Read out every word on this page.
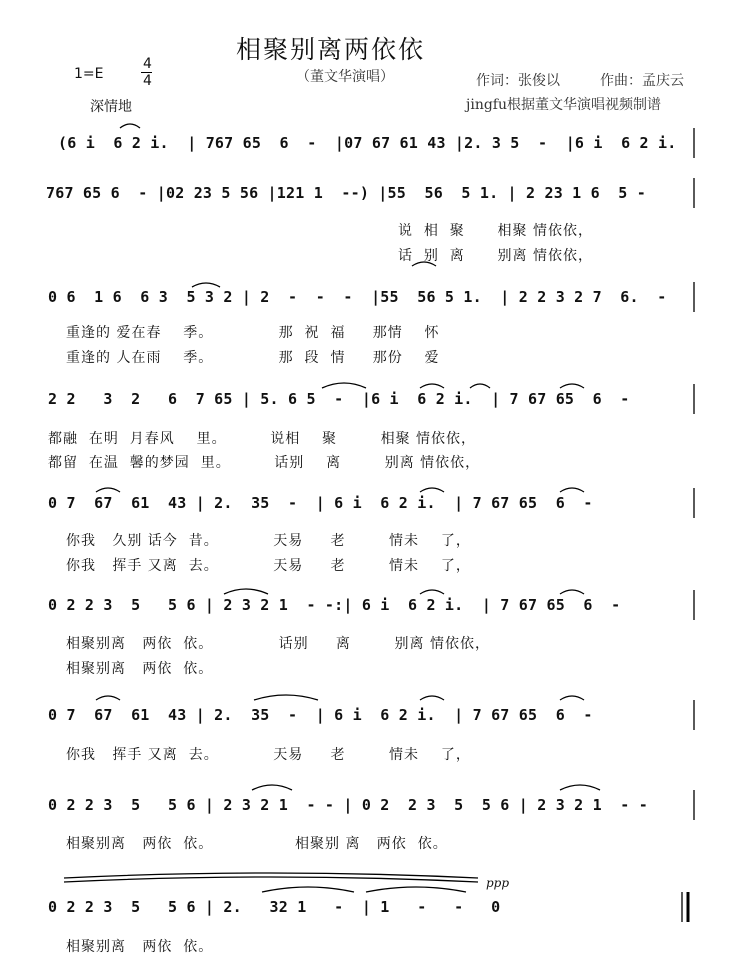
相聚别离两依依
（董文华演唱）
1=E
4
4
深情地
作词：张俊以	作曲：孟庆云
jingfu根据董文华演唱视频制谱
(6 i  6 2 i.  | 767 65  6  -  |07 67 61 43 |2. 3 5  -  |6 i  6 2 i.
767 65 6  - |02 23 5 56 |121 1  --) |55  56  5 1. | 2 23 1 6  5 -
说  相  聚      相聚 情依依，
话  别  离      别离 情依依，
0 6  1 6  6 3  5 3 2 | 2  -  -  -  |55  56 5 1.  | 2 2 3 2 7  6.  -
重逢的 爱在春    季。            那  祝  福     那情    怀
重逢的 人在雨    季。            那  段  情     那份    爱
2 2   3  2   6  7 65 | 5. 6 5  -  |6 i  6 2 i.  | 7 67 65  6  -
都融  在明  月春风    里。        说相    聚        相聚 情依依，
都留  在温  馨的梦园  里。        话别    离        别离 情依依，
0 7  67  61  43 | 2.  35  -  | 6 i  6 2 i.  | 7 67 65  6  -
你我   久别 话今  昔。          天易     老        情未    了，
你我   挥手 又离  去。          天易     老        情未    了，
0 2 2 3  5   5 6 | 2 3 2 1  - -:| 6 i  6 2 i.  | 7 67 65  6  -
相聚别离   两依  依。            话别     离        别离 情依依，
相聚别离   两依  依。
0 7  67  61  43 | 2.  35  -  | 6 i  6 2 i.  | 7 67 65  6  -
你我   挥手 又离  去。          天易     老        情未    了，
0 2 2 3  5   5 6 | 2 3 2 1  - - | 0 2  2 3  5  5 6 | 2 3 2 1  - -
相聚别离   两依  依。               相聚别 离   两依  依。
ppp
0 2 2 3  5   5 6 | 2.   32 1   -  | 1   -   -   0
相聚别离   两依  依。
